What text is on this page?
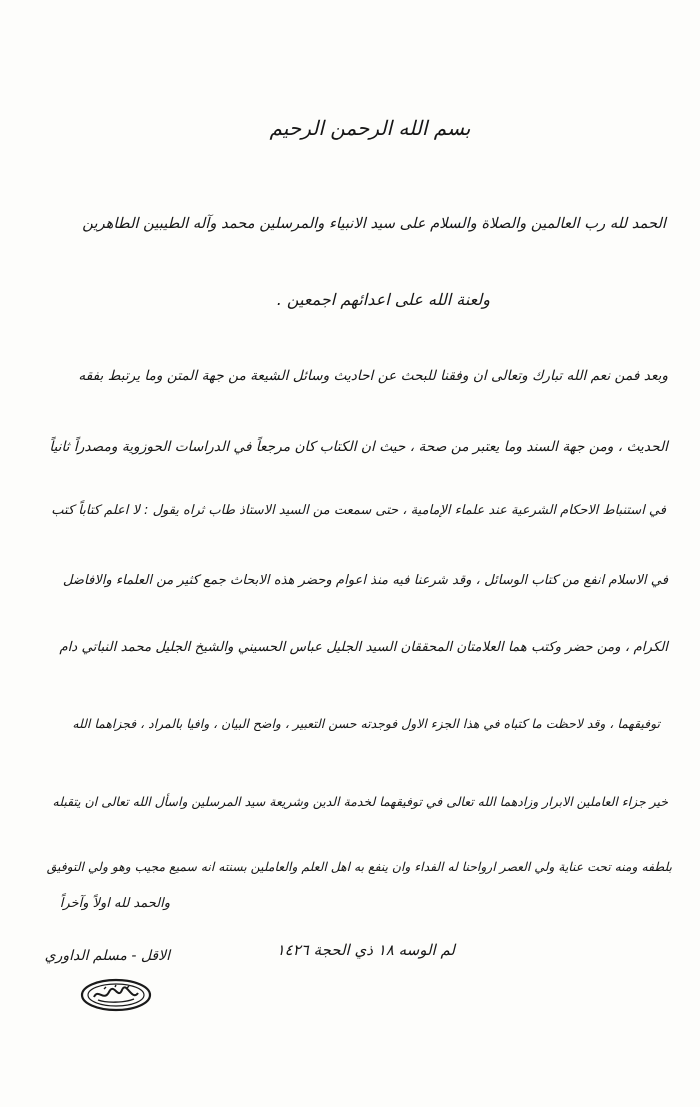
بسم الله الرحمن الرحيم
الحمد لله رب العالمين والصلاة والسلام على سيد الانبياء والمرسلين محمد وآله الطيبين الطاهرين
ولعنة الله على اعدائهم اجمعين .
وبعد فمن نعم الله تبارك وتعالى ان وفقنا للبحث عن احاديث وسائل الشيعة من جهة المتن وما يرتبط بفقه
الحديث ، ومن جهة السند وما يعتبر من صحة ، حيث ان الكتاب كان مرجعاً في الدراسات الحوزوية ومصدراً ثانياً
في استنباط الاحكام الشرعية عند علماء الإمامية ، حتى سمعت من السيد الاستاذ طاب ثراه يقول : لا اعلم كتاباً كتب
في الاسلام انفع من كتاب الوسائل ، وقد شرعنا فيه منذ اعوام وحضر هذه الابحاث جمع كثير من العلماء والافاضل
الكرام ، ومن حضر وكتب هما العلامتان المحققان السيد الجليل عباس الحسيني والشيخ الجليل محمد النباتي دام
توفيقهما ، وقد لاحظت ما كتباه في هذا الجزء الاول فوجدته حسن التعبير ، واضح البيان ، وافيا بالمراد ، فجزاهما الله
خير جزاء العاملين الابرار وزادهما الله تعالى في توفيقهما لخدمة الدين وشريعة سيد المرسلين واسأل الله تعالى ان يتقبله
بلطفه ومنه تحت عناية ولي العصر ارواحنا له الفداء وان ينفع به اهل العلم والعاملين بسنته انه سميع مجيب وهو ولي التوفيق
والحمد لله اولاً وآخراً
لم الوسه ١٨ ذي الحجة ١٤٢٦
الاقل - مسلم الداوري
